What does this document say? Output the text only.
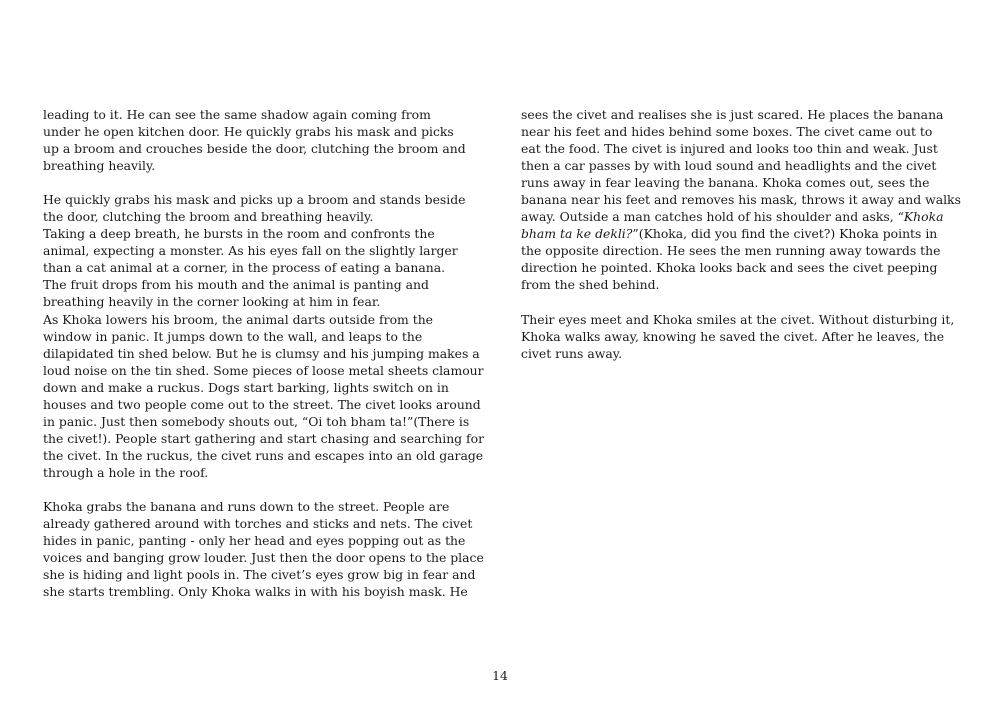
leading to it. He can see the same shadow again coming from

under he open kitchen door. He quickly grabs his mask and picks

up a broom and crouches beside the door, clutching the broom and

breathing heavily.

He quickly grabs his mask and picks up a broom and stands beside

the door, clutching the broom and breathing heavily.

Taking a deep breath, he bursts in the room and confronts the

animal, expecting a monster. As his eyes fall on the slightly larger

than a cat animal at a corner, in the process of eating a banana.

The fruit drops from his mouth and the animal is panting and

breathing heavily in the corner looking at him in fear.

As Khoka lowers his broom, the animal darts outside from the

window in panic. It jumps down to the wall, and leaps to the

dilapidated tin shed below. But he is clumsy and his jumping makes a

loud noise on the tin shed. Some pieces of loose metal sheets clamour

down and make a ruckus. Dogs start barking, lights switch on in

houses and two people come out to the street. The civet looks around

in panic. Just then somebody shouts out, “Oi toh bham ta!”(There is

the civet!). People start gathering and start chasing and searching for

the civet. In the ruckus, the civet runs and escapes into an old garage

through a hole in the roof.

Khoka grabs the banana and runs down to the street. People are

already gathered around with torches and sticks and nets. The civet

hides in panic, panting - only her head and eyes popping out as the

voices and banging grow louder. Just then the door opens to the place

she is hiding and light pools in. The civet’s eyes grow big in fear and

she starts trembling. Only Khoka walks in with his boyish mask. He

sees the civet and realises she is just scared. He places the banana

near his feet and hides behind some boxes. The civet came out to

eat the food. The civet is injured and looks too thin and weak. Just

then a car passes by with loud sound and headlights and the civet

runs away in fear leaving the banana. Khoka comes out, sees the

banana near his feet and removes his mask, throws it away and walks

away. Outside a man catches hold of his shoulder and asks, “Khoka

bham ta ke dekli?”(Khoka, did you find the civet?) Khoka points in

the opposite direction. He sees the men running away towards the

direction he pointed. Khoka looks back and sees the civet peeping

from the shed behind.

Their eyes meet and Khoka smiles at the civet. Without disturbing it,

Khoka walks away, knowing he saved the civet. After he leaves, the

civet runs away.

14
